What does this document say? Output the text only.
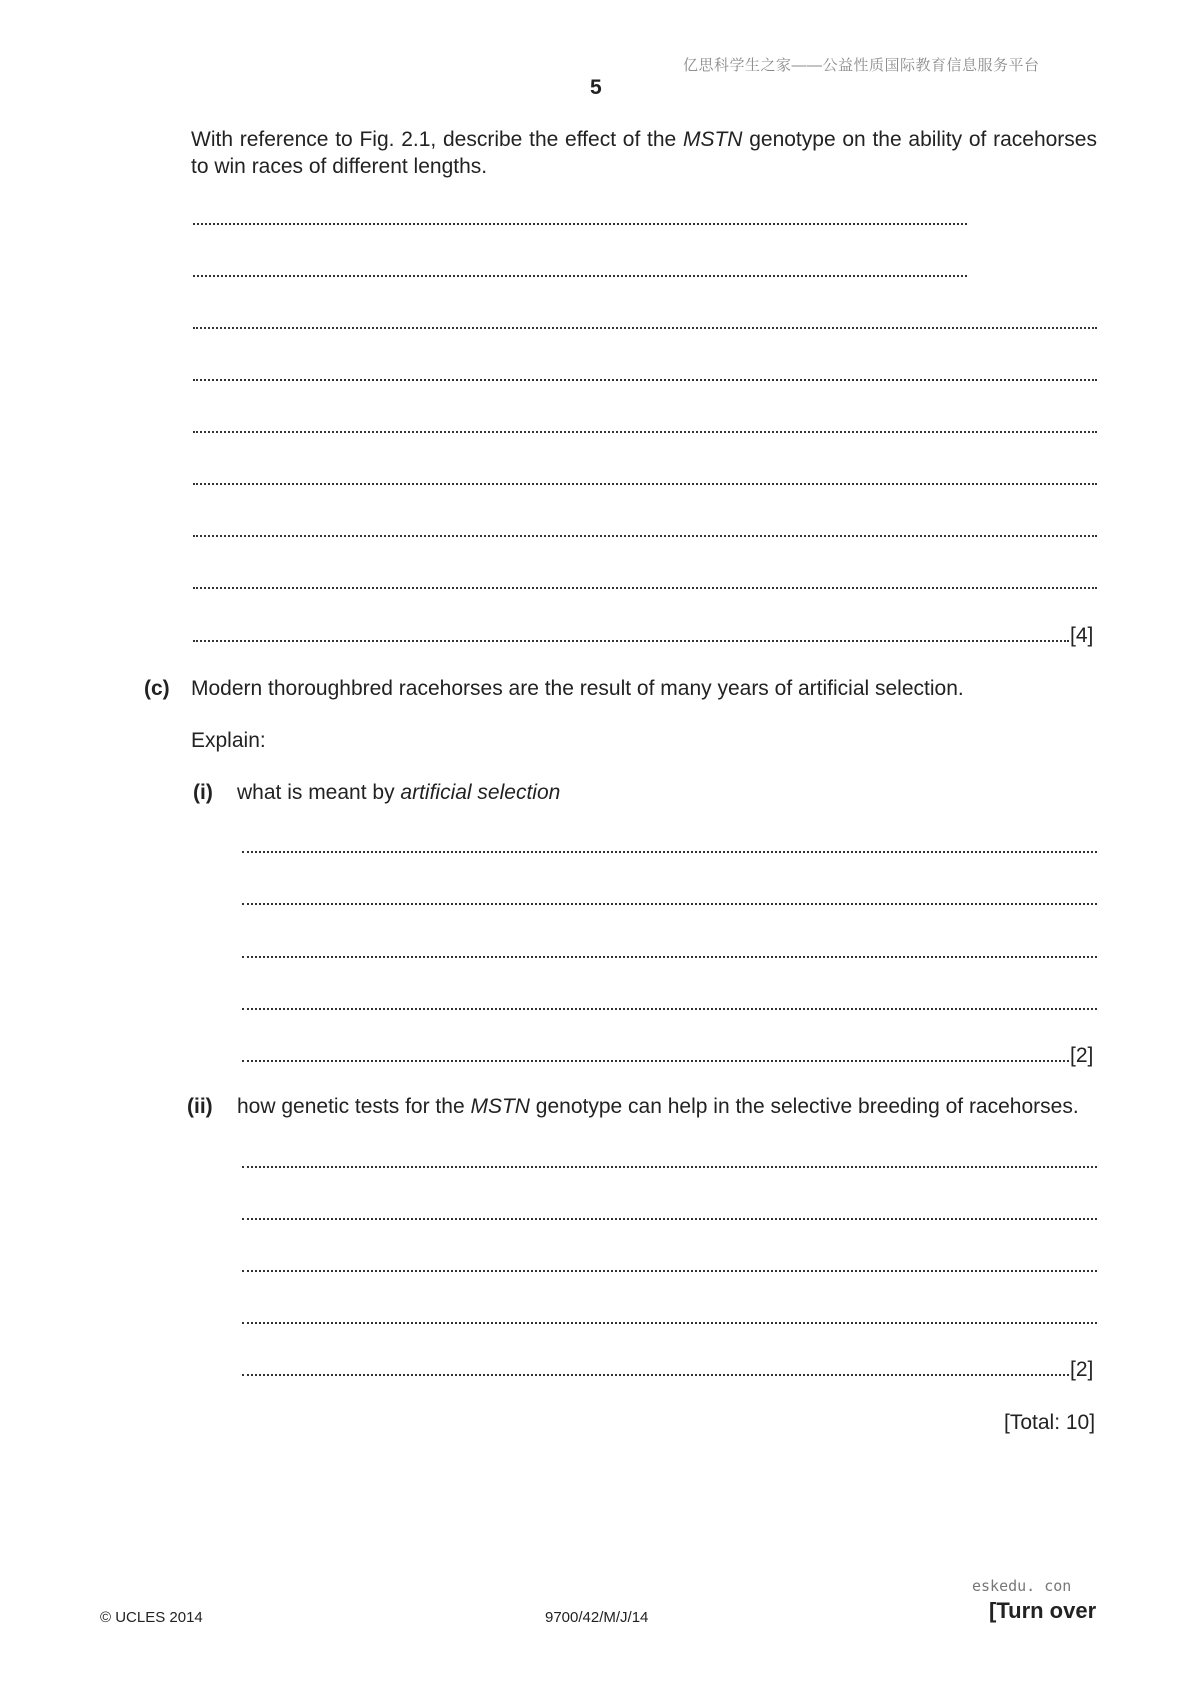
亿思科学生之家——公益性质国际教育信息服务平台
5
With reference to Fig. 2.1, describe the effect of the MSTN genotype on the ability of racehorses to win races of different lengths.
[4]
(c) Modern thoroughbred racehorses are the result of many years of artificial selection.
Explain:
(i) what is meant by artificial selection
[2]
(ii) how genetic tests for the MSTN genotype can help in the selective breeding of racehorses.
[2]
[Total: 10]
eskedu. con
© UCLES 2014	9700/42/M/J/14	[Turn over
